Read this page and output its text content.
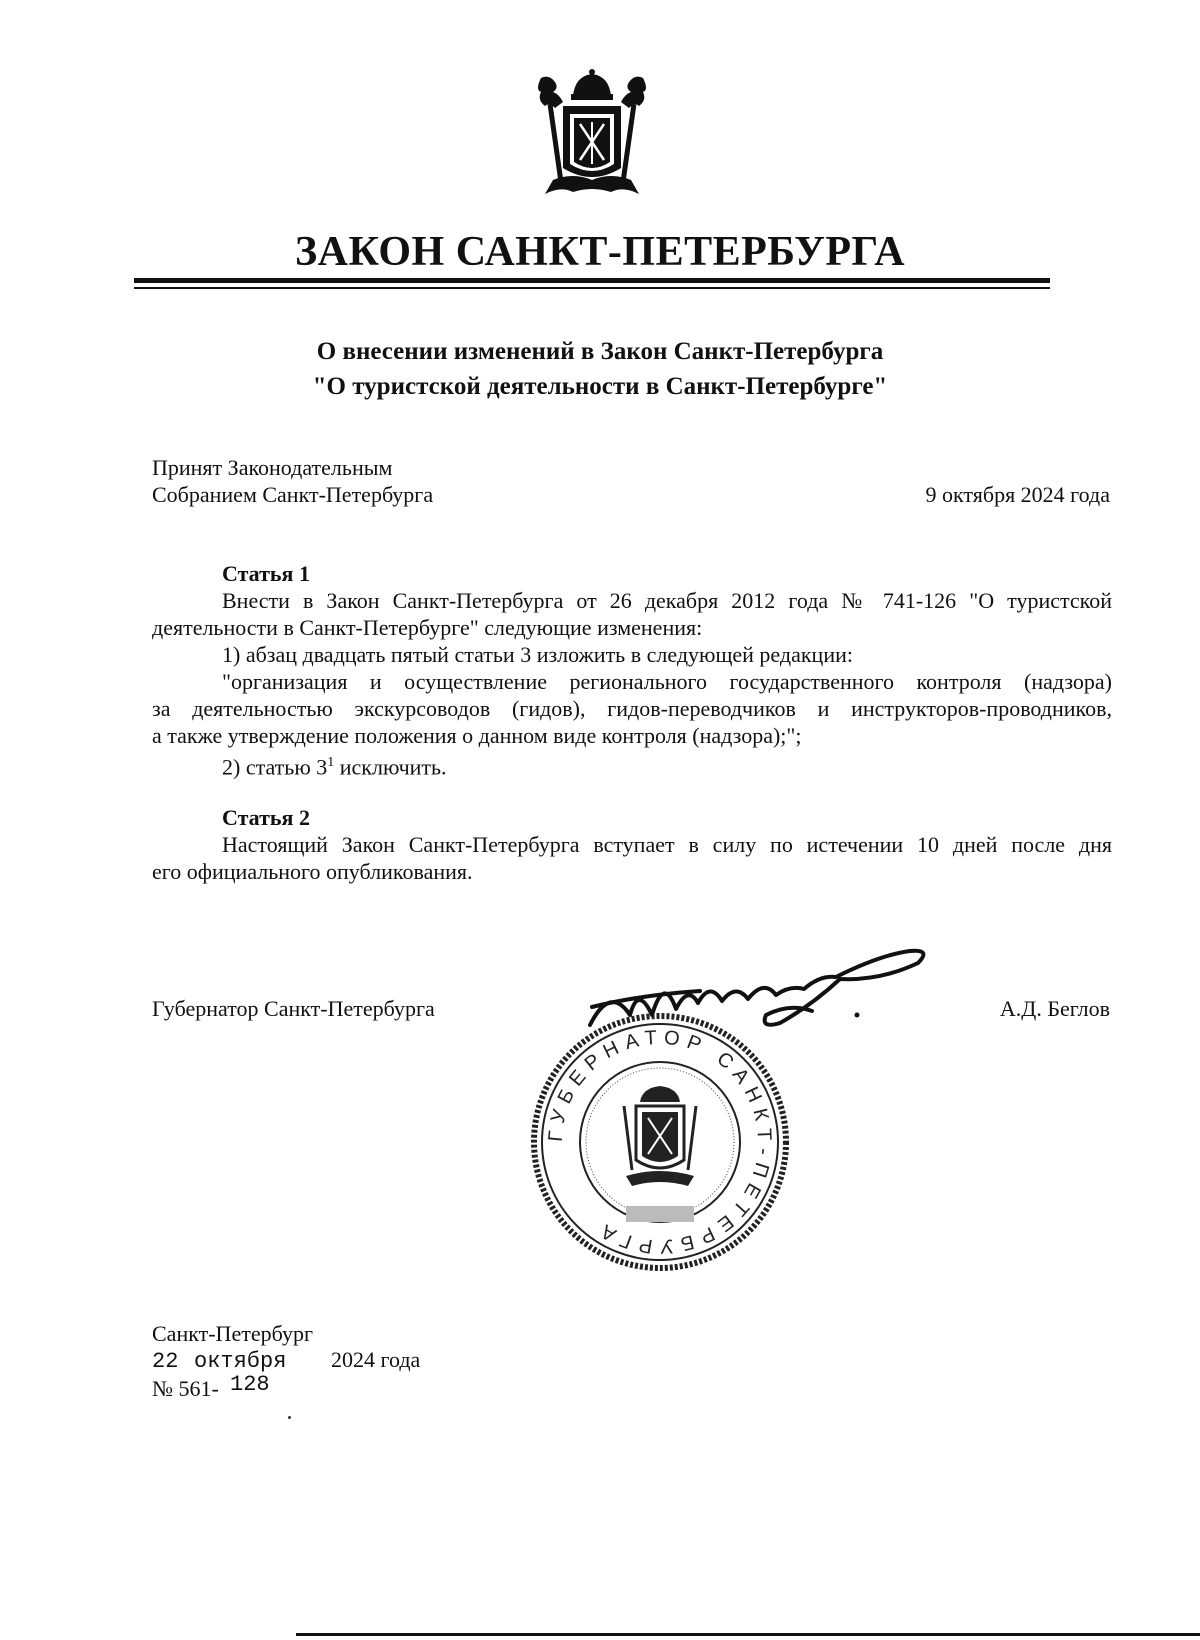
ЗАКОН САНКТ-ПЕТЕРБУРГА
О внесении изменений в Закон Санкт-Петербурга
"О туристской деятельности в Санкт-Петербурге"
Принят Законодательным
Собранием Санкт-Петербурга	9 октября 2024 года
Статья 1
Внести в Закон Санкт-Петербурга от 26 декабря 2012 года № 741-126 "О туристской
деятельности в Санкт-Петербурге" следующие изменения:
1) абзац двадцать пятый статьи 3 изложить в следующей редакции:
"организация и осуществление регионального государственного контроля (надзора)
за деятельностью экскурсоводов (гидов), гидов-переводчиков и инструкторов-проводников,
а также утверждение положения о данном виде контроля (надзора);";
2) статью $3^1$ исключить.
Статья 2
Настоящий Закон Санкт-Петербурга вступает в силу по истечении 10 дней после дня
его официального опубликования.
Губернатор Санкт-Петербурга	А.Д. Беглов
ГУБЕРНАТОР САНКТ-ПЕТЕРБУРГА
Санкт-Петербург
22 октября 2024 года
№ 561- 128
